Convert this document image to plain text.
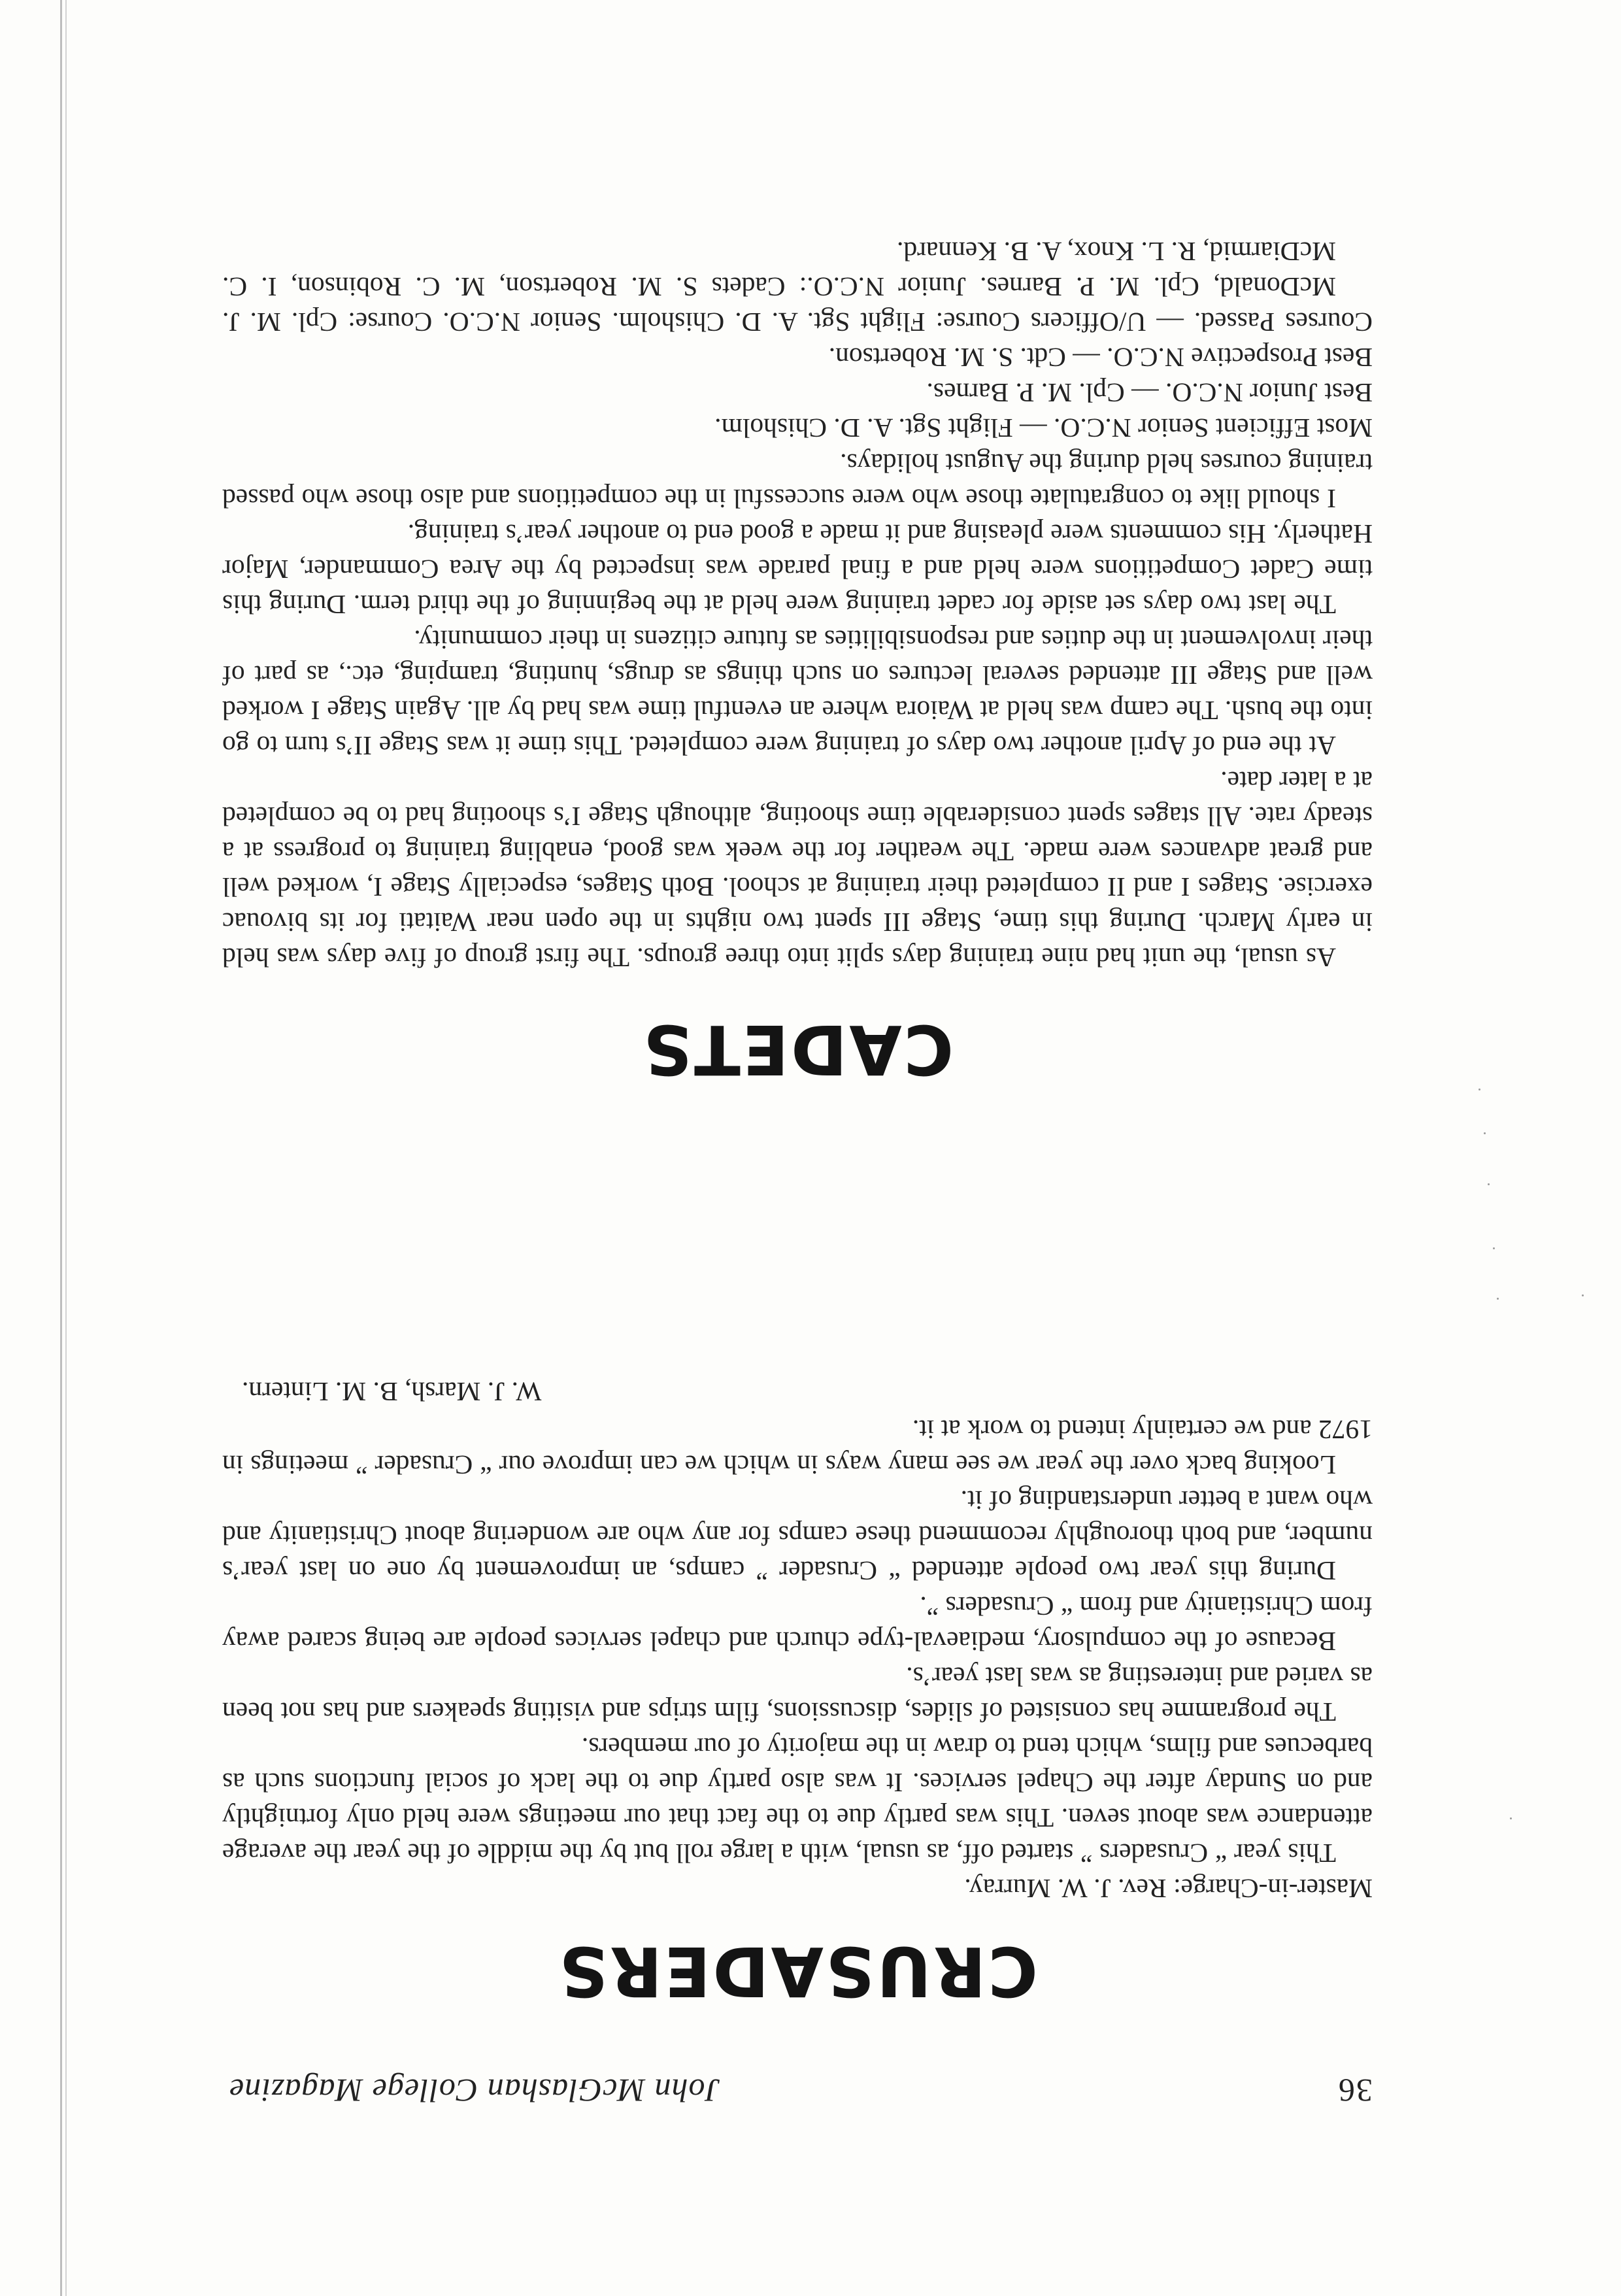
36
John McGlashan College Magazine
CRUSADERS

Master-in-Charge: Rev. J. W. Murray.

This year “ Crusaders ” started off, as usual, with a large roll but by the middle of the year the average attendance was about seven. This was partly due to the fact that our meetings were held only fortnightly and on Sunday after the Chapel services. It was also partly due to the lack of social functions such as barbecues and films, which tend to draw in the majority of our members.

The programme has consisted of slides, discussions, film strips and visiting speakers and has not been as varied and interesting as was last year’s.

Because of the compulsory, mediaeval-type church and chapel services people are being scared away from Christianity and from “ Crusaders ”.

During this year two people attended “ Crusader ” camps, an improvement by one on last year’s number, and both thoroughly recommend these camps for any who are wondering about Christianity and who want a better understanding of it.

Looking back over the year we see many ways in which we can improve our “ Crusader ” meetings in 1972 and we certainly intend to work at it.

W. J. Marsh, B. M. Lintern.

CADETS

As usual, the unit had nine training days split into three groups. The first group of five days was held in early March. During this time, Stage III spent two nights in the open near Waitati for its bivouac exercise. Stages I and II completed their training at school. Both Stages, especially Stage I, worked well and great advances were made. The weather for the week was good, enabling training to progress at a steady rate. All stages spent considerable time shooting, although Stage I’s shooting had to be completed at a later date.

At the end of April another two days of training were completed. This time it was Stage II’s turn to go into the bush. The camp was held at Waiora where an eventful time was had by all. Again Stage I worked well and Stage III attended several lectures on such things as drugs, hunting, tramping, etc., as part of their involvement in the duties and responsibilities as future citizens in their community.

The last two days set aside for cadet training were held at the beginning of the third term. During this time Cadet Competitions were held and a final parade was inspected by the Area Commander, Major Hatherly. His comments were pleasing and it made a good end to another year’s training.

I should like to congratulate those who were successful in the competitions and also those who passed training courses held during the August holidays.

Most Efficient Senior N.C.O. — Flight Sgt. A. D. Chisholm.

Best Junior N.C.O. — Cpl. M. P. Barnes.

Best Prospective N.C.O. — Cdt. S. M. Robertson.

Courses Passed. — U/Officers Course: Flight Sgt. A. D. Chisholm. Senior N.C.O. Course: Cpl. M. J. McDonald, Cpl. M. P. Barnes. Junior N.C.O.: Cadets S. M. Robertson, M. C. Robinson, I. C. McDiarmid, R. L. Knox, A. B. Kennard.
